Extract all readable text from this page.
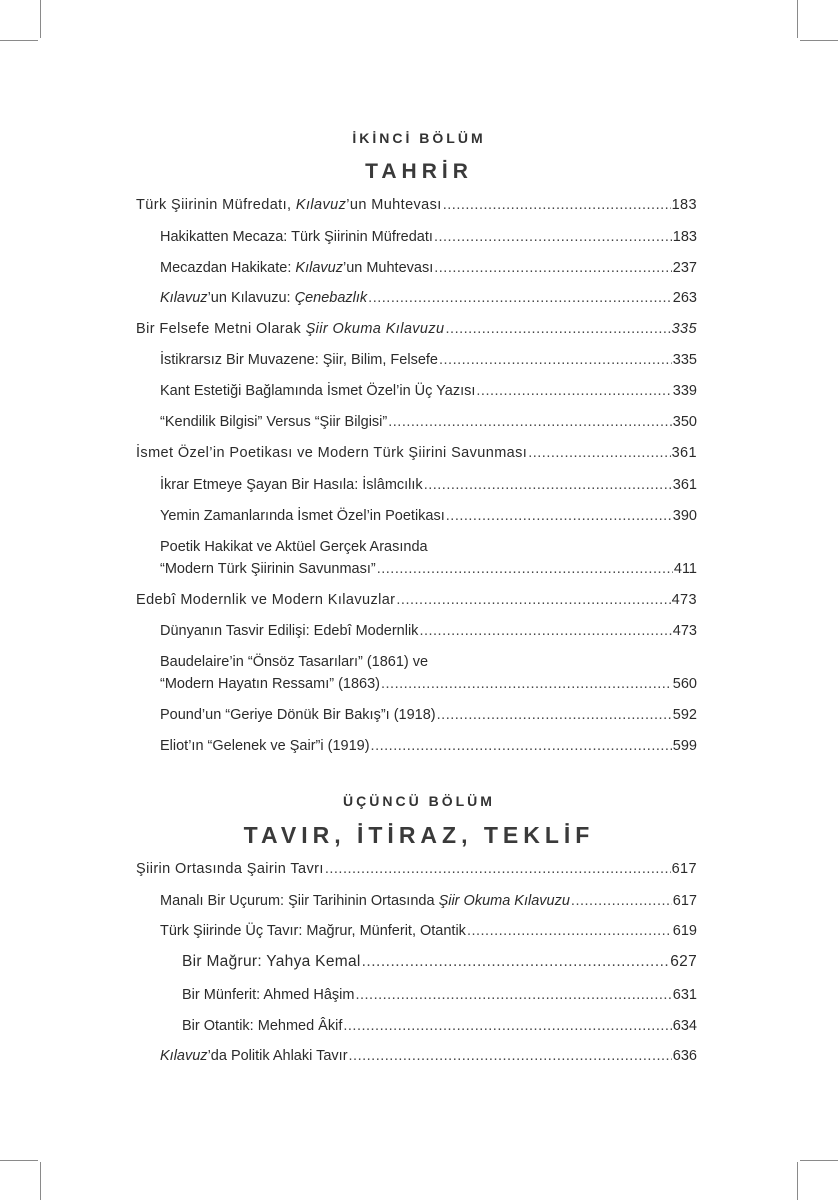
İKİNCİ BÖLÜM
TAHRİR
Türk Şiirinin Müfredatı, Kılavuz’un Muhtevası .....	183
Hakikatten Mecaza: Türk Şiirinin Müfredatı .....	183
Mecazdan Hakikate: Kılavuz’un Muhtevası .....	237
Kılavuz’un Kılavuzu: Çenebazlık .....	263
Bir Felsefe Metni Olarak Şiir Okuma Kılavuzu .....	335
İstikrarsız Bir Muvazene: Şiir, Bilim, Felsefe .....	335
Kant Estetiği Bağlamında İsmet Özel’in Üç Yazısı .....	339
“Kendilik Bilgisi” Versus “Şiir Bilgisi” .....	350
İsmet Özel’in Poetikası ve Modern Türk Şiirini Savunması .....	361
İkrar Etmeye Şayan Bir Hasıla: İslâmcılık .....	361
Yemin Zamanlarında İsmet Özel’in Poetikası .....	390
Poetik Hakikat ve Aktüel Gerçek Arasında
“Modern Türk Şiirinin Savunması” .....	411
Edebî Modernlik ve Modern Kılavuzlar .....	473
Dünyanın Tasvir Edilişi: Edebî Modernlik .....	473
Baudelaire’in “Önsöz Tasarıları” (1861) ve
“Modern Hayatın Ressamı” (1863) .....	560
Pound’un “Geriye Dönük Bir Bakış”ı (1918) .....	592
Eliot’ın “Gelenek ve Şair”i (1919) .....	599
ÜÇÜNCÜ BÖLÜM
TAVIR, İTİRAZ, TEKLİF
Şiirin Ortasında Şairin Tavrı .....	617
Manalı Bir Uçurum: Şiir Tarihinin Ortasında Şiir Okuma Kılavuzu .....	617
Türk Şiirinde Üç Tavır: Mağrur, Münferit, Otantik .....	619
Bir Mağrur: Yahya Kemal .....	627
Bir Münferit: Ahmed Hâşim .....	631
Bir Otantik: Mehmed Âkif .....	634
Kılavuz’da Politik Ahlaki Tavır .....	636
